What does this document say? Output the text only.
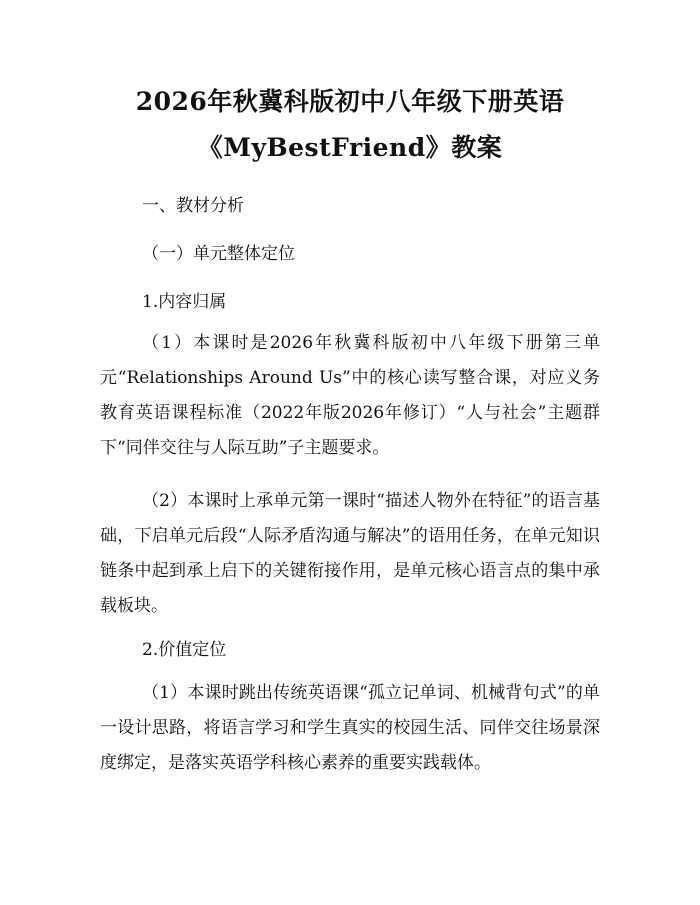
2026年秋冀科版初中八年级下册英语
《MyBestFriend》教案

一、教材分析

（一）单元整体定位

1.内容归属

（1）本课时是2026年秋冀科版初中八年级下册第三单元“Relationships Around Us”中的核心读写整合课，对应义务教育英语课程标准（2022年版2026年修订）“人与社会”主题群下“同伴交往与人际互助”子主题要求。

（2）本课时上承单元第一课时“描述人物外在特征”的语言基础，下启单元后段“人际矛盾沟通与解决”的语用任务，在单元知识链条中起到承上启下的关键衔接作用，是单元核心语言点的集中承载板块。

2.价值定位

（1）本课时跳出传统英语课“孤立记单词、机械背句式”的单一设计思路，将语言学习和学生真实的校园生活、同伴交往场景深度绑定，是落实英语学科核心素养的重要实践载体。
